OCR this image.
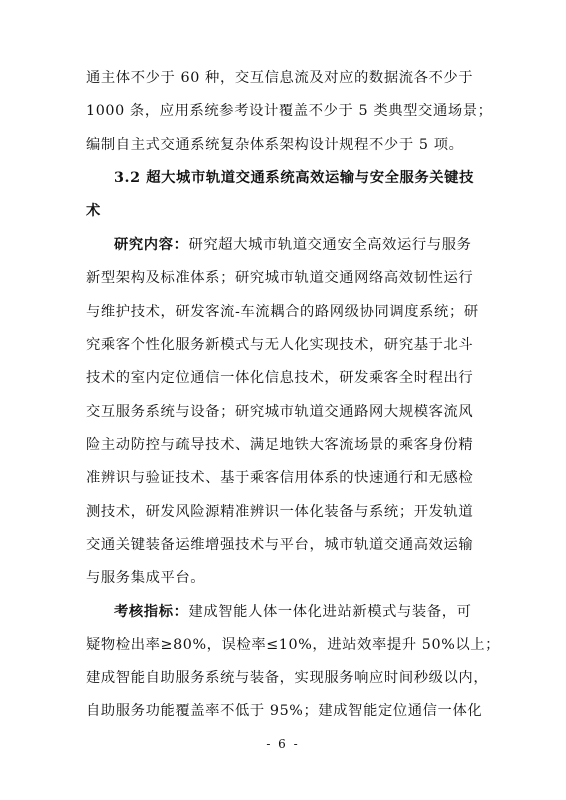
通主体不少于 60 种，交互信息流及对应的数据流各不少于
1000 条，应用系统参考设计覆盖不少于 5 类典型交通场景；
编制自主式交通系统复杂体系架构设计规程不少于 5 项。
3.2 超大城市轨道交通系统高效运输与安全服务关键技
术
研究内容：研究超大城市轨道交通安全高效运行与服务
新型架构及标准体系；研究城市轨道交通网络高效韧性运行
与维护技术，研发客流-车流耦合的路网级协同调度系统；研
究乘客个性化服务新模式与无人化实现技术，研究基于北斗
技术的室内定位通信一体化信息技术，研发乘客全时程出行
交互服务系统与设备；研究城市轨道交通路网大规模客流风
险主动防控与疏导技术、满足地铁大客流场景的乘客身份精
准辨识与验证技术、基于乘客信用体系的快速通行和无感检
测技术，研发风险源精准辨识一体化装备与系统；开发轨道
交通关键装备运维增强技术与平台，城市轨道交通高效运输
与服务集成平台。
考核指标：建成智能人体一体化进站新模式与装备，可
疑物检出率≥80%，误检率≤10%，进站效率提升 50%以上；
建成智能自助服务系统与装备，实现服务响应时间秒级以内，
自助服务功能覆盖率不低于 95%；建成智能定位通信一体化
- 6 -
